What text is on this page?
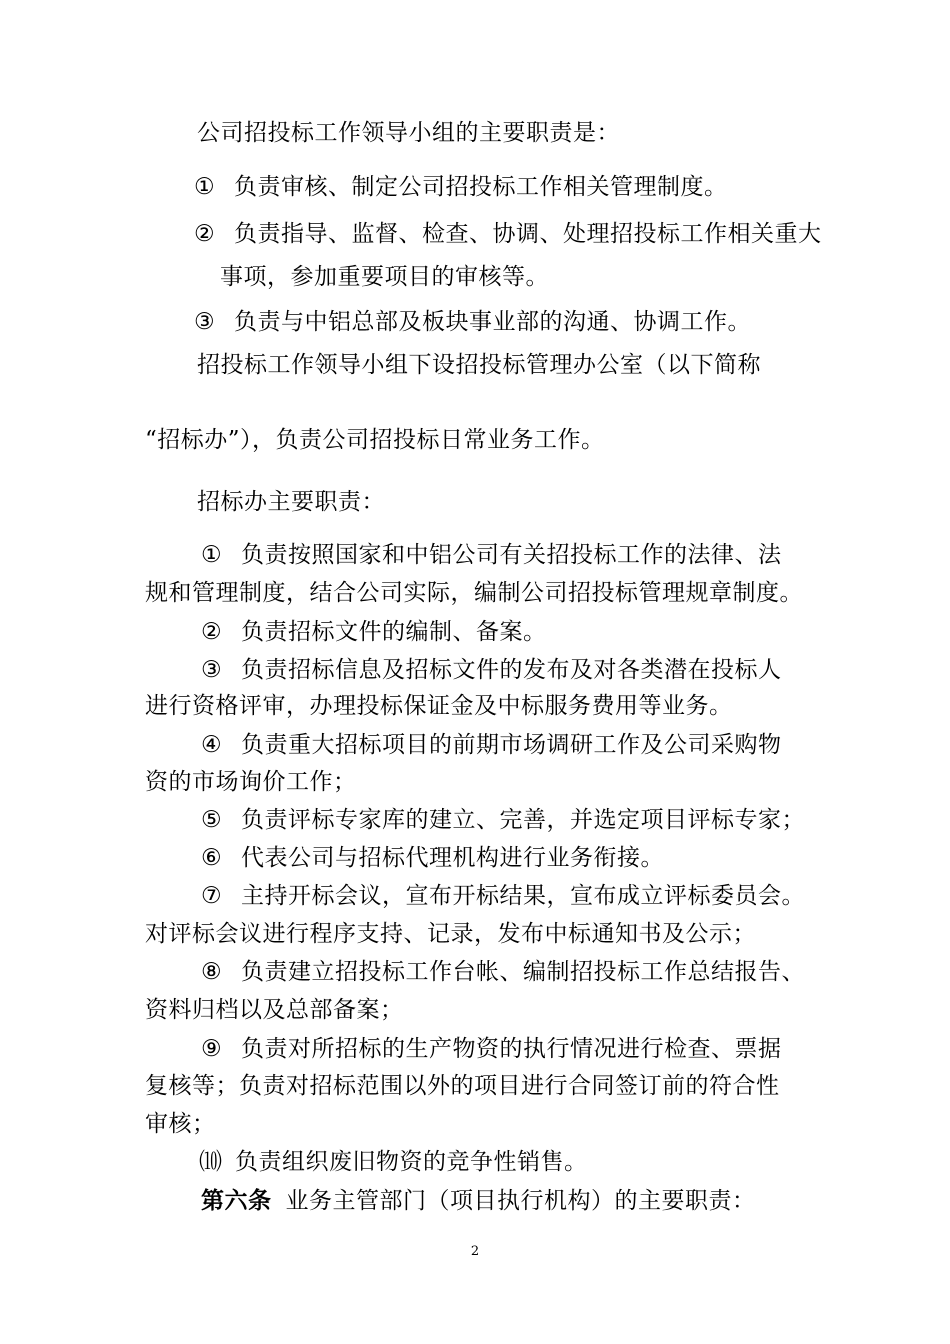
公司招投标工作领导小组的主要职责是：
① 负责审核、制定公司招投标工作相关管理制度。
② 负责指导、监督、检查、协调、处理招投标工作相关重大
事项，参加重要项目的审核等。
③ 负责与中铝总部及板块事业部的沟通、协调工作。
招投标工作领导小组下设招投标管理办公室（以下简称
“招标办”），负责公司招投标日常业务工作。
招标办主要职责：
① 负责按照国家和中铝公司有关招投标工作的法律、法
规和管理制度，结合公司实际，编制公司招投标管理规章制度。
② 负责招标文件的编制、备案。
③ 负责招标信息及招标文件的发布及对各类潜在投标人
进行资格评审，办理投标保证金及中标服务费用等业务。
④ 负责重大招标项目的前期市场调研工作及公司采购物
资的市场询价工作；
⑤ 负责评标专家库的建立、完善，并选定项目评标专家；
⑥ 代表公司与招标代理机构进行业务衔接。
⑦ 主持开标会议，宣布开标结果，宣布成立评标委员会。
对评标会议进行程序支持、记录，发布中标通知书及公示；
⑧ 负责建立招投标工作台帐、编制招投标工作总结报告、
资料归档以及总部备案；
⑨ 负责对所招标的生产物资的执行情况进行检查、票据
复核等；负责对招标范围以外的项目进行合同签订前的符合性
审核；
⑽ 负责组织废旧物资的竞争性销售。
第六条 业务主管部门（项目执行机构）的主要职责：
2
